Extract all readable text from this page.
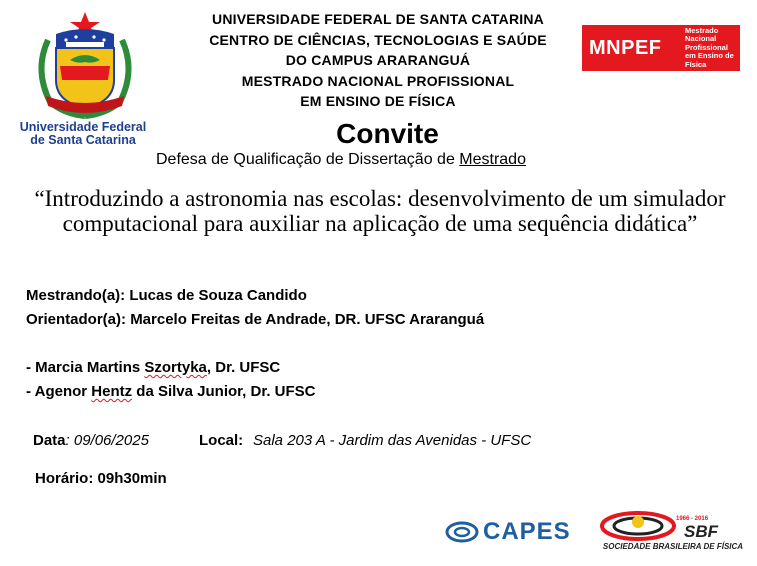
Universidade Federal
de Santa Catarina
UNIVERSIDADE FEDERAL DE SANTA CATARINA
CENTRO DE CIÊNCIAS, TECNOLOGIAS E SAÚDE
DO CAMPUS ARARANGUÁ
MESTRADO NACIONAL PROFISSIONAL
EM ENSINO DE FÍSICA
MNPEF
Mestrado Nacional Profissional em Ensino de Física
Convite
Defesa de Qualificação de Dissertação de Mestrado
“Introduzindo a astronomia nas escolas: desenvolvimento de um simulador computacional para auxiliar na aplicação de uma sequência didática”
Mestrando(a): Lucas de Souza Candido
Orientador(a): Marcelo Freitas de Andrade, DR. UFSC Araranguá
- Marcia Martins Szortyka, Dr. UFSC
- Agenor Hentz da Silva Junior, Dr. UFSC
Data: 09/06/2025	Local: Sala 203 A - Jardim das Avenidas - UFSC
Horário: 09h30min
CAPES	1966 - 2016
SBF
SOCIEDADE BRASILEIRA DE FÍSICA
